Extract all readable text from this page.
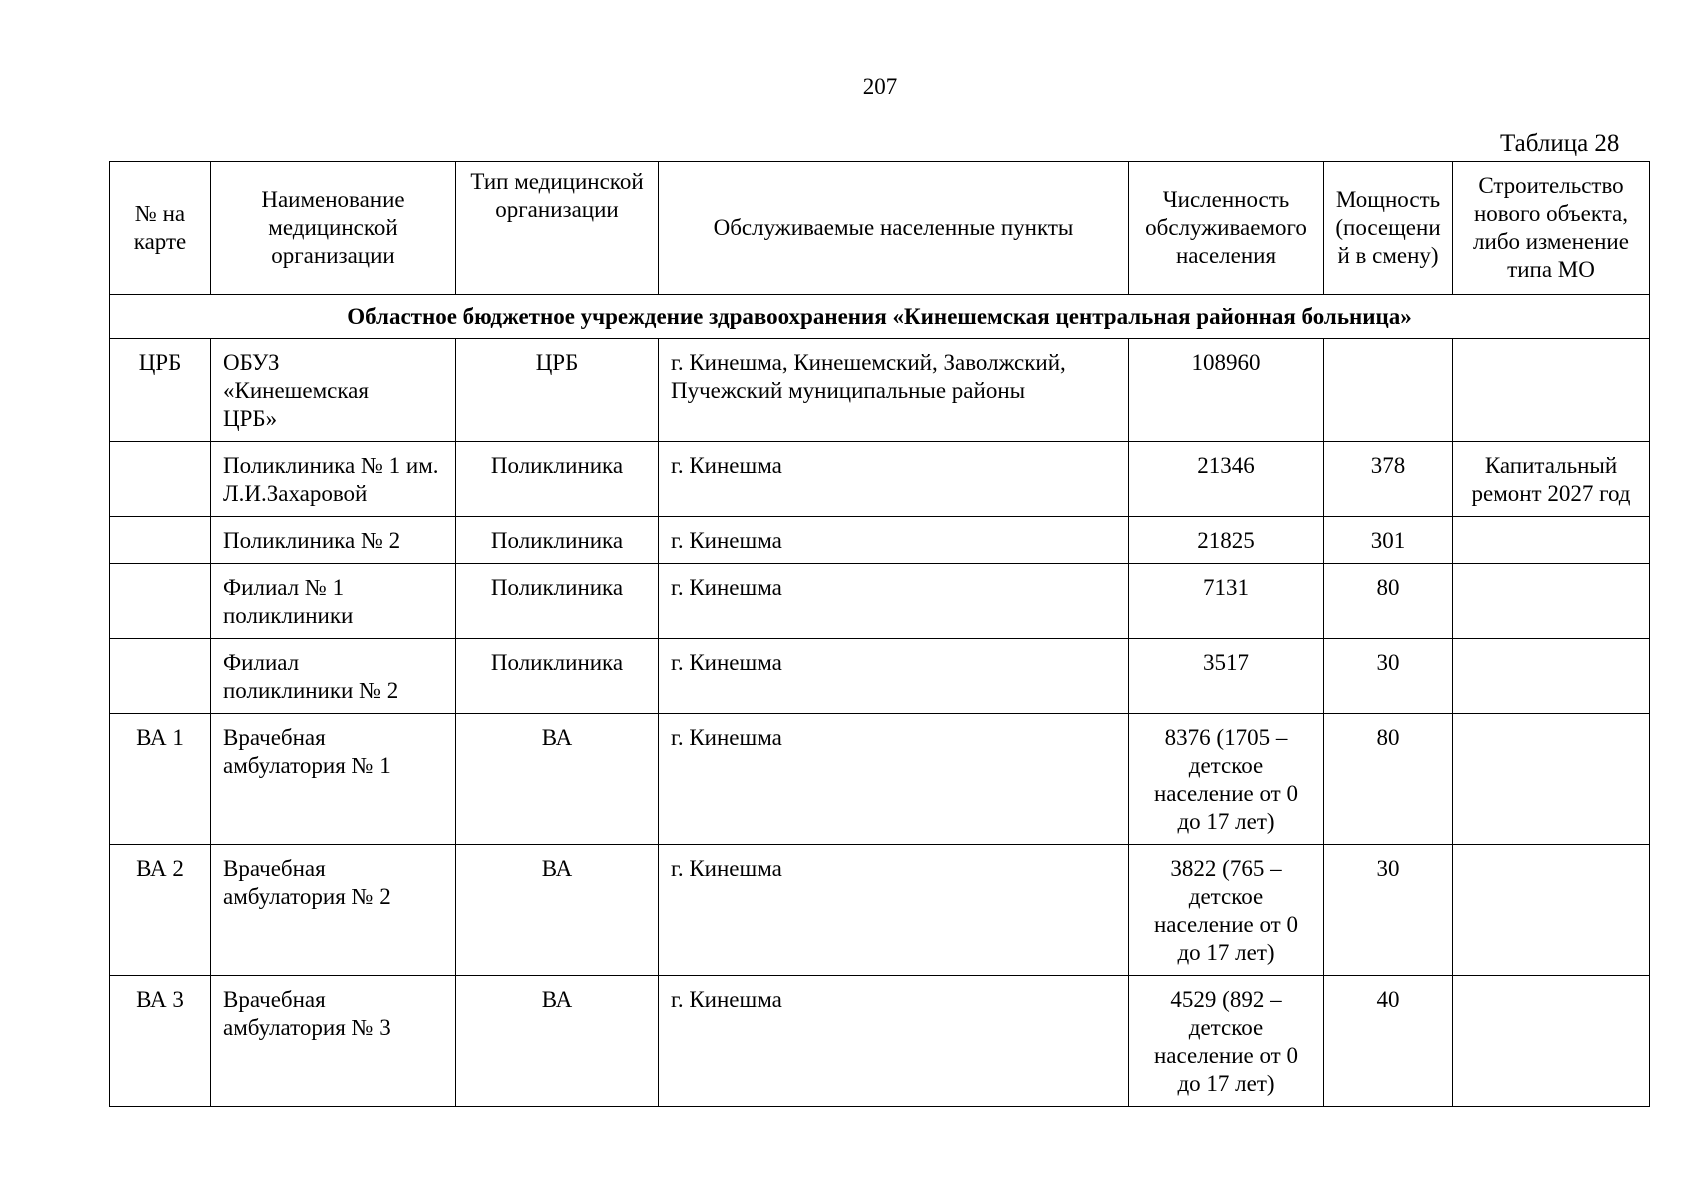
207
Таблица 28
№ на карте	Наименование медицинской организации	Тип медицинской организации	Обслуживаемые населенные пункты	Численность обслуживаемого населения	Мощность (посещени й в смену)	Строительство нового объекта, либо изменение типа МО
Областное бюджетное учреждение здравоохранения «Кинешемская центральная районная больница»						
ЦРБ	ОБУЗ «Кинешемская ЦРБ»	ЦРБ	г. Кинешма, Кинешемский, Заволжский, Пучежский муниципальные районы	108960		
	Поликлиника № 1 им. Л.И.Захаровой	Поликлиника	г. Кинешма	21346	378	Капитальный ремонт 2027 год
	Поликлиника № 2	Поликлиника	г. Кинешма	21825	301	
	Филиал № 1 поликлиники	Поликлиника	г. Кинешма	7131	80	
	Филиал поликлиники № 2	Поликлиника	г. Кинешма	3517	30	
ВА 1	Врачебная амбулатория № 1	ВА	г. Кинешма	8376 (1705 – детское население от 0 до 17 лет)	80	
ВА 2	Врачебная амбулатория № 2	ВА	г. Кинешма	3822 (765 – детское население от 0 до 17 лет)	30	
ВА 3	Врачебная амбулатория № 3	ВА	г. Кинешма	4529 (892 – детское население от 0 до 17 лет)	40	
